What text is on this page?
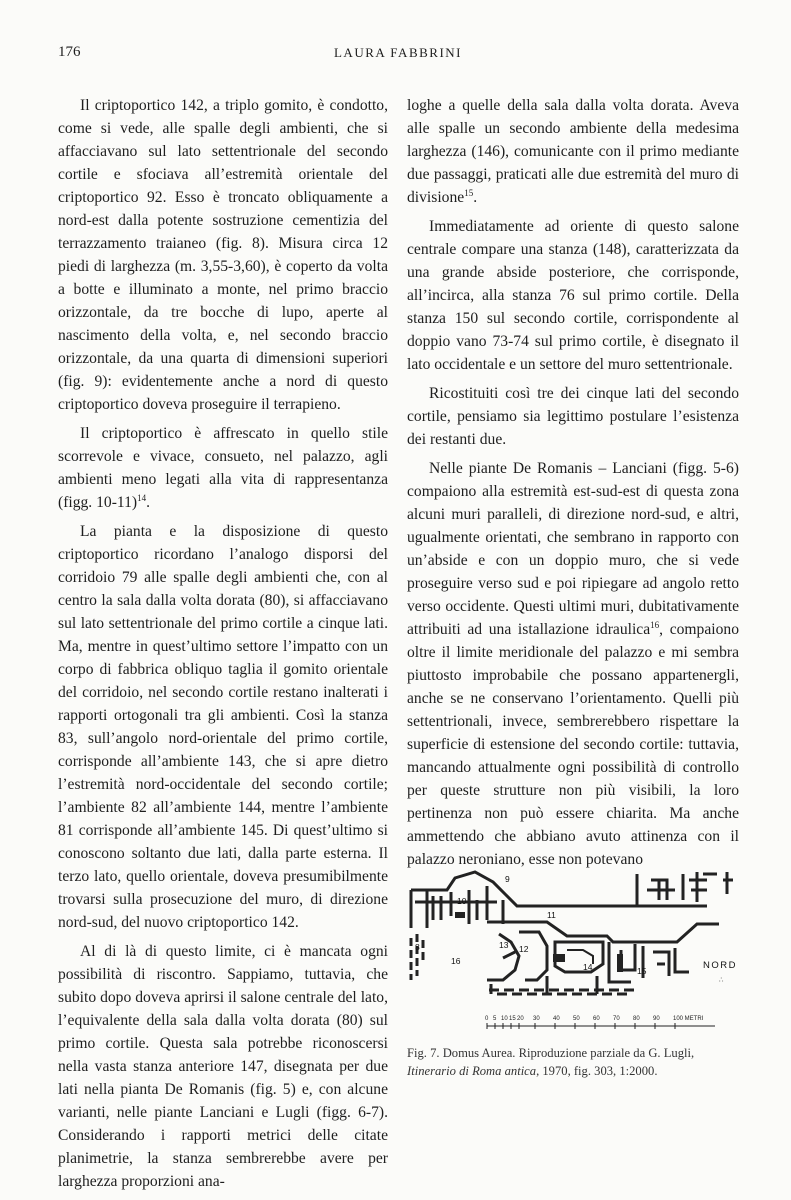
176	LAURA FABBRINI

Il criptoportico 142, a triplo gomito, è condotto, come si vede, alle spalle degli ambienti, che si affacciavano sul lato settentrionale del secondo cortile e sfociava all’estremità orientale del criptoportico 92. Esso è troncato obliquamente a nord-est dalla potente sostruzione cementizia del terrazzamento traianeo (fig. 8). Misura circa 12 piedi di larghezza (m. 3,55-3,60), è coperto da volta a botte e illuminato a monte, nel primo braccio orizzontale, da tre bocche di lupo, aperte al nascimento della volta, e, nel secondo braccio orizzontale, da una quarta di dimensioni superiori (fig. 9): evidentemente anche a nord di questo criptoportico doveva proseguire il terrapieno.

Il criptoportico è affrescato in quello stile scorrevole e vivace, consueto, nel palazzo, agli ambienti meno legati alla vita di rappresentanza (figg. 10-11)$^{14}$.

La pianta e la disposizione di questo criptoportico ricordano l’analogo disporsi del corridoio 79 alle spalle degli ambienti che, con al centro la sala dalla volta dorata (80), si affacciavano sul lato settentrionale del primo cortile a cinque lati. Ma, mentre in quest’ultimo settore l’impatto con un corpo di fabbrica obliquo taglia il gomito orientale del corridoio, nel secondo cortile restano inalterati i rapporti ortogonali tra gli ambienti. Così la stanza 83, sull’angolo nord-orientale del primo cortile, corrisponde all’ambiente 143, che si apre dietro l’estremità nord-occidentale del secondo cortile; l’ambiente 82 all’ambiente 144, mentre l’ambiente 81 corrisponde all’ambiente 145. Di quest’ultimo si conoscono soltanto due lati, dalla parte esterna. Il terzo lato, quello orientale, doveva presumibilmente trovarsi sulla prosecuzione del muro, di direzione nord-sud, del nuovo criptoportico 142.

Al di là di questo limite, ci è mancata ogni possibilità di riscontro. Sappiamo, tuttavia, che subito dopo doveva aprirsi il salone centrale del lato, l’equivalente della sala dalla volta dorata (80) sul primo cortile. Questa sala potrebbe riconoscersi nella vasta stanza anteriore 147, disegnata per due lati nella pianta De Romanis (fig. 5) e, con alcune varianti, nelle piante Lanciani e Lugli (figg. 6-7). Considerando i rapporti metrici delle citate planimetrie, la stanza sembrerebbe avere per larghezza proporzioni ana-

loghe a quelle della sala dalla volta dorata. Aveva alle spalle un secondo ambiente della medesima larghezza (146), comunicante con il primo mediante due passaggi, praticati alle due estremità del muro di divisione$^{15}$.

Immediatamente ad oriente di questo salone centrale compare una stanza (148), caratterizzata da una grande abside posteriore, che corrisponde, all’incirca, alla stanza 76 sul primo cortile. Della stanza 150 sul secondo cortile, corrispondente al doppio vano 73-74 sul primo cortile, è disegnato il lato occidentale e un settore del muro settentrionale.

Ricostituiti così tre dei cinque lati del secondo cortile, pensiamo sia legittimo postulare l’esistenza dei restanti due.

Nelle piante De Romanis – Lanciani (figg. 5-6) compaiono alla estremità est-sud-est di questa zona alcuni muri paralleli, di direzione nord-sud, e altri, ugualmente orientati, che sembrano in rapporto con un’abside e con un doppio muro, che si vede proseguire verso sud e poi ripiegare ad angolo retto verso occidente. Questi ultimi muri, dubitativamente attribuiti ad una istallazione idraulica$^{16}$, compaiono oltre il limite meridionale del palazzo e mi sembra piuttosto improbabile che possano appartenergli, anche se ne conservano l’orientamento. Quelli più settentrionali, invece, sembrerebbero rispettare la superficie di estensione del secondo cortile: tuttavia, mancando attualmente ogni possibilità di controllo per queste strutture non più visibili, la loro pertinenza non può essere chiarita. Ma anche ammettendo che abbiano avuto attinenza con il palazzo neroniano, esse non potevano

9
10
11
8	13 12
16
14	15	NORD
∴
0 5 10 15 20 30 40 50 60 70 80 90 100 METRI
Fig. 7. Domus Aurea. Riproduzione parziale da G. Lugli,
Itinerario di Roma antica, 1970, fig. 303, 1:2000.
